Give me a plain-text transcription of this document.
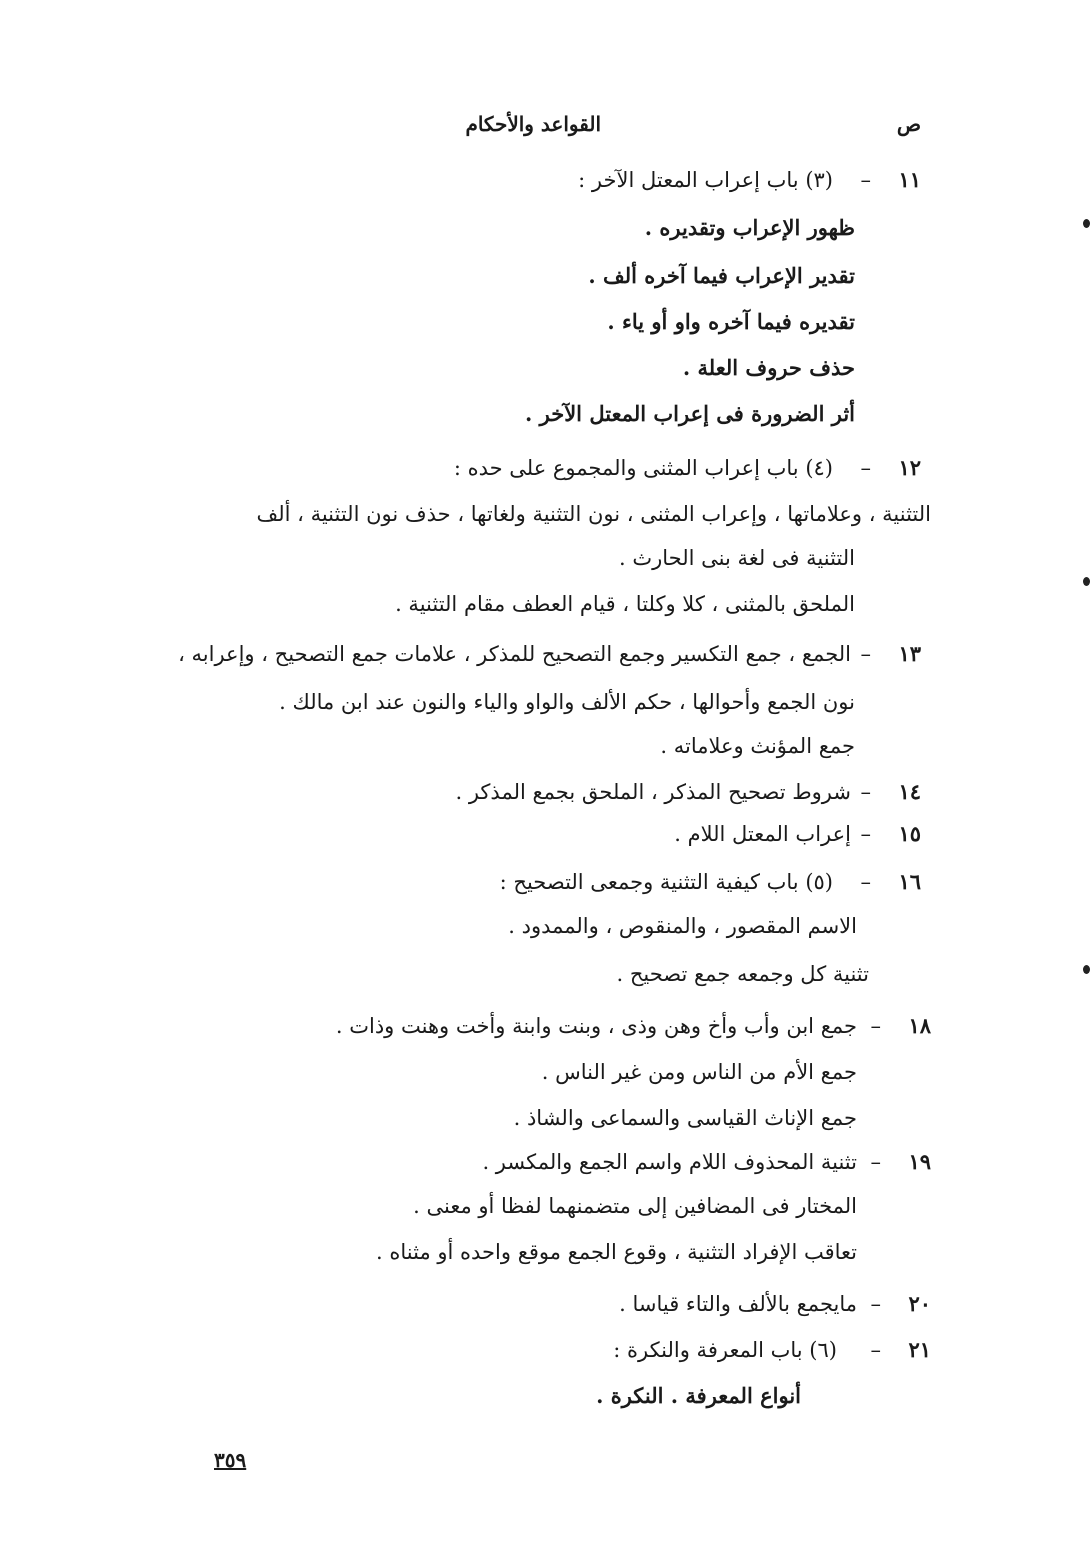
ص
القواعد والأحكام
١١
–
(٣) باب إعراب المعتل الآخر :
ظهور الإعراب وتقديره .
تقدير الإعراب فيما آخره ألف .
تقديره فيما آخره واو أو ياء .
حذف حروف العلة .
أثر الضرورة فى إعراب المعتل الآخر .
١٢
–
(٤) باب إعراب المثنى والمجموع على حده :
التثنية ، وعلاماتها ، وإعراب المثنى ، نون التثنية ولغاتها ، حذف نون التثنية ، ألف
التثنية فى لغة بنى الحارث .
الملحق بالمثنى ، كلا وكلتا ، قيام العطف مقام التثنية .
١٣
–
الجمع ، جمع التكسير وجمع التصحيح للمذكر ، علامات جمع التصحيح ، وإعرابه ،
نون الجمع وأحوالها ، حكم الألف والواو والياء والنون عند ابن مالك .
جمع المؤنث وعلاماته .
١٤
–
شروط تصحيح المذكر ، الملحق بجمع المذكر .
١٥
–
إعراب المعتل اللام .
١٦
–
(٥) باب كيفية التثنية وجمعى التصحيح :
الاسم المقصور ، والمنقوص ، والممدود .
تثنية كل وجمعه جمع تصحيح .
١٨
–
جمع ابن وأب وأخ وهن وذى ، وبنت وابنة وأخت وهنت وذات .
جمع الأم من الناس ومن غير الناس .
جمع الإناث القياسى والسماعى والشاذ .
١٩
–
تثنية المحذوف اللام واسم الجمع والمكسر .
المختار فى المضافين إلى متضمنهما لفظا أو معنى .
تعاقب الإفراد التثنية ، وقوع الجمع موقع واحده أو مثناه .
٢٠
–
مايجمع بالألف والتاء قياسا .
٢١
–
(٦) باب المعرفة والنكرة :
أنواع المعرفة . النكرة .
٣٥٩
